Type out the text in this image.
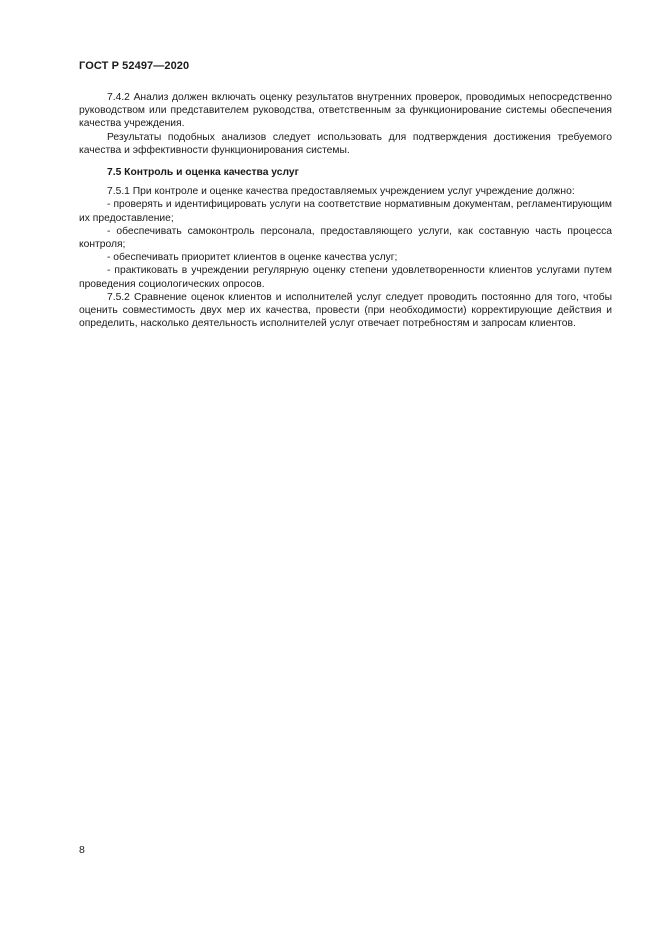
ГОСТ Р 52497—2020

7.4.2 Анализ должен включать оценку результатов внутренних проверок, проводимых непосредственно руководством или представителем руководства, ответственным за функционирование системы обеспечения качества учреждения.

Результаты подобных анализов следует использовать для подтверждения достижения требуемого качества и эффективности функционирования системы.

7.5 Контроль и оценка качества услуг

7.5.1 При контроле и оценке качества предоставляемых учреждением услуг учреждение должно:

- проверять и идентифицировать услуги на соответствие нормативным документам, регламентирующим их предоставление;

- обеспечивать самоконтроль персонала, предоставляющего услуги, как составную часть процесса контроля;

- обеспечивать приоритет клиентов в оценке качества услуг;

- практиковать в учреждении регулярную оценку степени удовлетворенности клиентов услугами путем проведения социологических опросов.

7.5.2 Сравнение оценок клиентов и исполнителей услуг следует проводить постоянно для того, чтобы оценить совместимость двух мер их качества, провести (при необходимости) корректирующие действия и определить, насколько деятельность исполнителей услуг отвечает потребностям и запросам клиентов.

8
